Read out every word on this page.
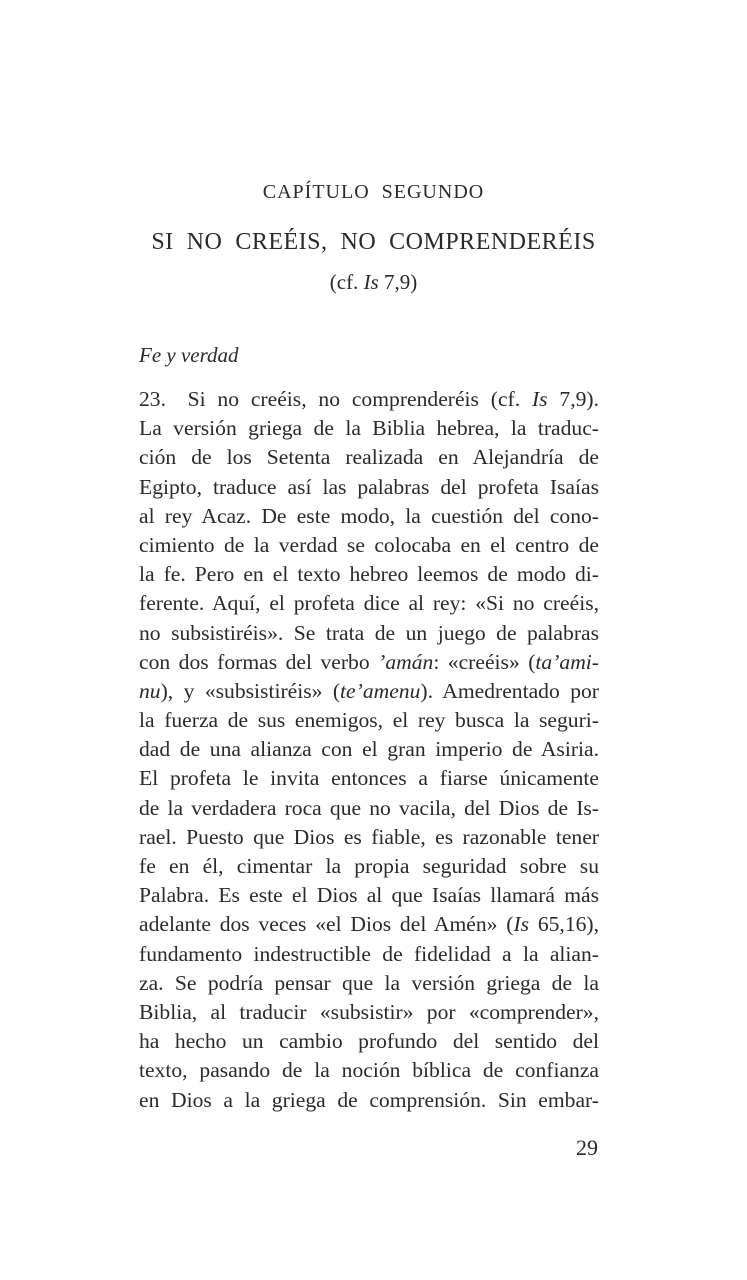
CAPÍTULO  SEGUNDO
SI  NO  CREÉIS,  NO  COMPRENDERÉIS
(cf. Is 7,9)
Fe y verdad
23. Si no creéis, no comprenderéis (cf. Is 7,9).
La versión griega de la Biblia hebrea, la traduc-
ción de los Setenta realizada en Alejandría de
Egipto, traduce así las palabras del profeta Isaías
al rey Acaz. De este modo, la cuestión del cono-
cimiento de la verdad se colocaba en el centro de
la fe. Pero en el texto hebreo leemos de modo di-
ferente. Aquí, el profeta dice al rey: «Si no creéis,
no subsistiréis». Se trata de un juego de palabras
con dos formas del verbo ’amán: «creéis» (ta’ami-
nu), y «subsistiréis» (te’amenu). Amedrentado por
la fuerza de sus enemigos, el rey busca la seguri-
dad de una alianza con el gran imperio de Asiria.
El profeta le invita entonces a fiarse únicamente
de la verdadera roca que no vacila, del Dios de Is-
rael. Puesto que Dios es fiable, es razonable tener
fe en él, cimentar la propia seguridad sobre su
Palabra. Es este el Dios al que Isaías llamará más
adelante dos veces «el Dios del Amén» (Is 65,16),
fundamento indestructible de fidelidad a la alian-
za. Se podría pensar que la versión griega de la
Biblia, al traducir «subsistir» por «comprender»,
ha hecho un cambio profundo del sentido del
texto, pasando de la noción bíblica de confianza
en Dios a la griega de comprensión. Sin embar-
29
